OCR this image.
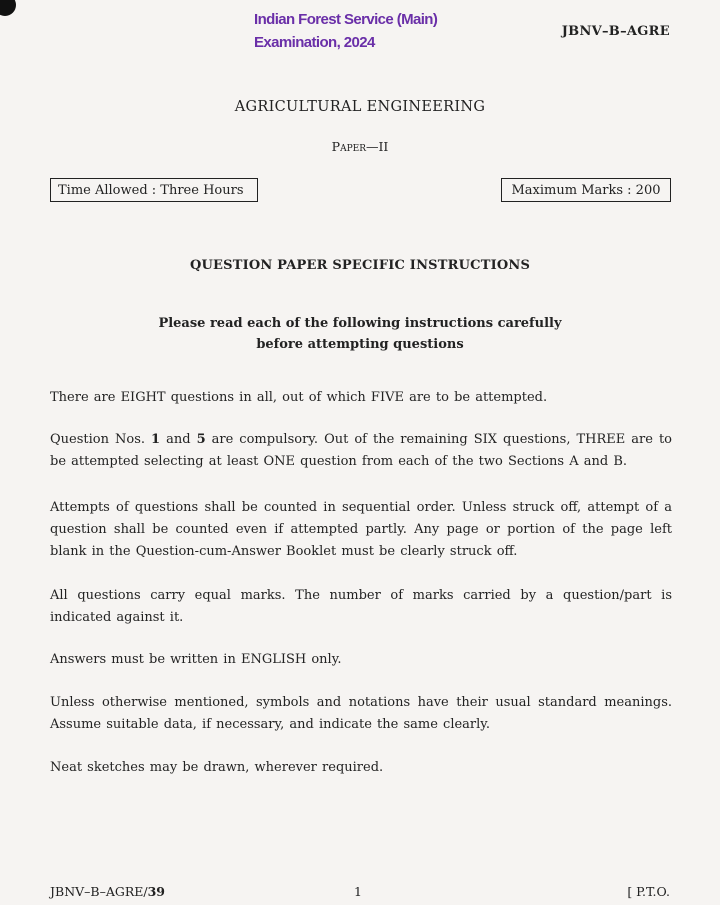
Indian Forest Service (Main)
Examination, 2024
JBNV–B–AGRE
AGRICULTURAL ENGINEERING
Paper—II
Time Allowed : Three Hours	Maximum Marks : 200
QUESTION PAPER SPECIFIC INSTRUCTIONS
Please read each of the following instructions carefully
before attempting questions
There are EIGHT questions in all, out of which FIVE are to be attempted.
Question Nos. 1 and 5 are compulsory. Out of the remaining SIX questions, THREE are to be attempted selecting at least ONE question from each of the two Sections A and B.
Attempts of questions shall be counted in sequential order. Unless struck off, attempt of a question shall be counted even if attempted partly. Any page or portion of the page left blank in the Question-cum-Answer Booklet must be clearly struck off.
All questions carry equal marks. The number of marks carried by a question/part is indicated against it.
Answers must be written in ENGLISH only.
Unless otherwise mentioned, symbols and notations have their usual standard meanings. Assume suitable data, if necessary, and indicate the same clearly.
Neat sketches may be drawn, wherever required.
JBNV–B–AGRE/39	1	[ P.T.O.
